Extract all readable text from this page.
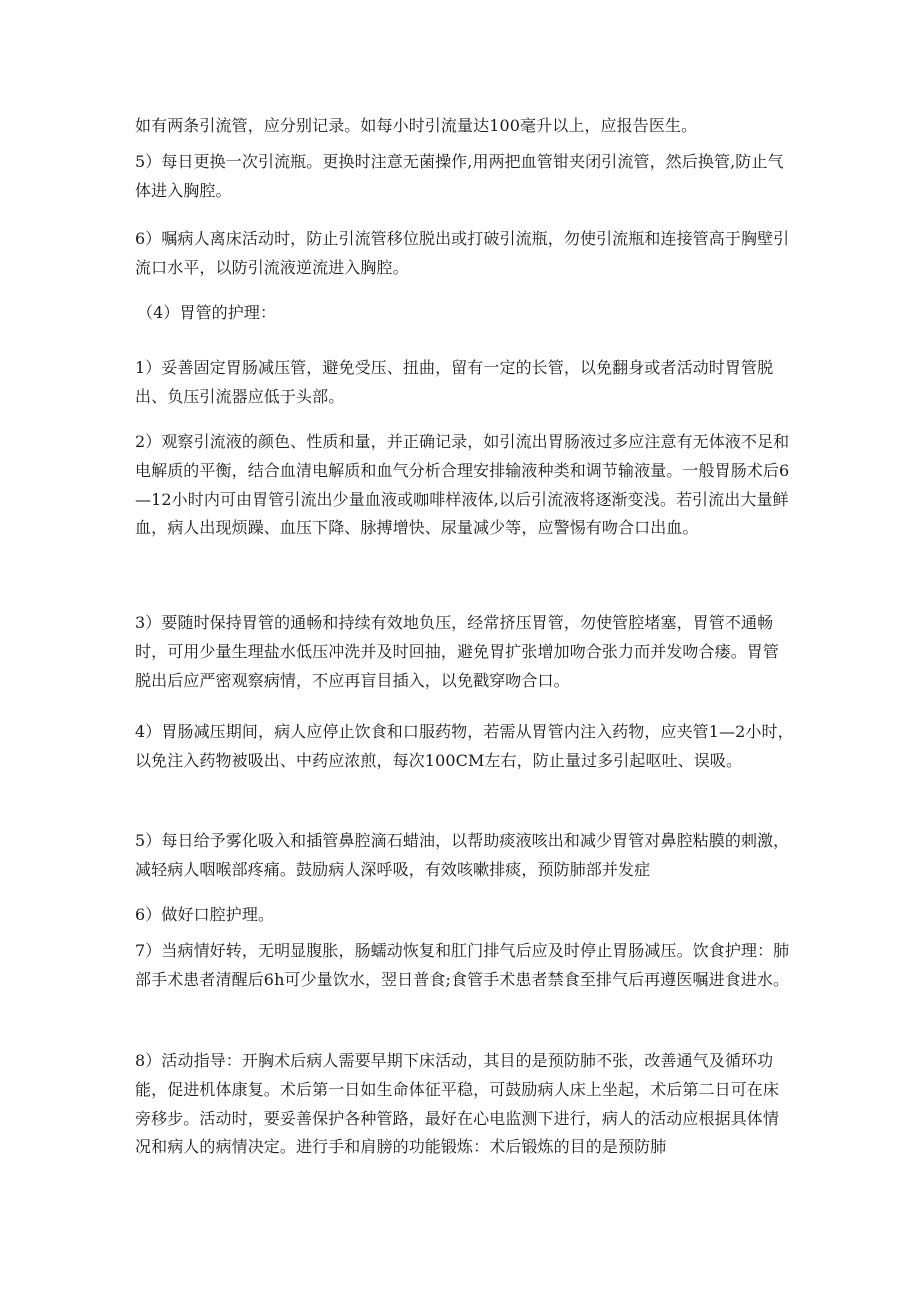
如有两条引流管，应分别记录。如每小时引流量达100毫升以上，应报告医生。

5）每日更换一次引流瓶。更换时注意无菌操作,用两把血管钳夹闭引流管，然后换管,防止气体进入胸腔。

6）嘱病人离床活动时，防止引流管移位脱出或打破引流瓶，勿使引流瓶和连接管高于胸壁引流口水平，以防引流液逆流进入胸腔。

（4）胃管的护理：

1）妥善固定胃肠减压管，避免受压、扭曲，留有一定的长管，以免翻身或者活动时胃管脱出、负压引流器应低于头部。

2）观察引流液的颜色、性质和量，并正确记录，如引流出胃肠液过多应注意有无体液不足和电解质的平衡，结合血清电解质和血气分析合理安排输液种类和调节输液量。一般胃肠术后6—12小时内可由胃管引流出少量血液或咖啡样液体,以后引流液将逐渐变浅。若引流出大量鲜血，病人出现烦躁、血压下降、脉搏增快、尿量减少等，应警惕有吻合口出血。

3）要随时保持胃管的通畅和持续有效地负压，经常挤压胃管，勿使管腔堵塞，胃管不通畅时，可用少量生理盐水低压冲洗并及时回抽，避免胃扩张增加吻合张力而并发吻合瘘。胃管脱出后应严密观察病情，不应再盲目插入，以免戳穿吻合口。

4）胃肠减压期间，病人应停止饮食和口服药物，若需从胃管内注入药物，应夹管1—2小时，以免注入药物被吸出、中药应浓煎，每次100CM左右，防止量过多引起呕吐、误吸。

5）每日给予雾化吸入和插管鼻腔滴石蜡油，以帮助痰液咳出和减少胃管对鼻腔粘膜的刺激，减轻病人咽喉部疼痛。鼓励病人深呼吸，有效咳嗽排痰，预防肺部并发症

6）做好口腔护理。

7）当病情好转，无明显腹胀，肠蠕动恢复和肛门排气后应及时停止胃肠减压。饮食护理：肺部手术患者清醒后6h可少量饮水，翌日普食;食管手术患者禁食至排气后再遵医嘱进食进水。

8）活动指导：开胸术后病人需要早期下床活动，其目的是预防肺不张，改善通气及循环功能，促进机体康复。术后第一日如生命体征平稳，可鼓励病人床上坐起，术后第二日可在床旁移步。活动时，要妥善保护各种管路，最好在心电监测下进行，病人的活动应根据具体情况和病人的病情决定。进行手和肩膀的功能锻炼：术后锻炼的目的是预防肺
